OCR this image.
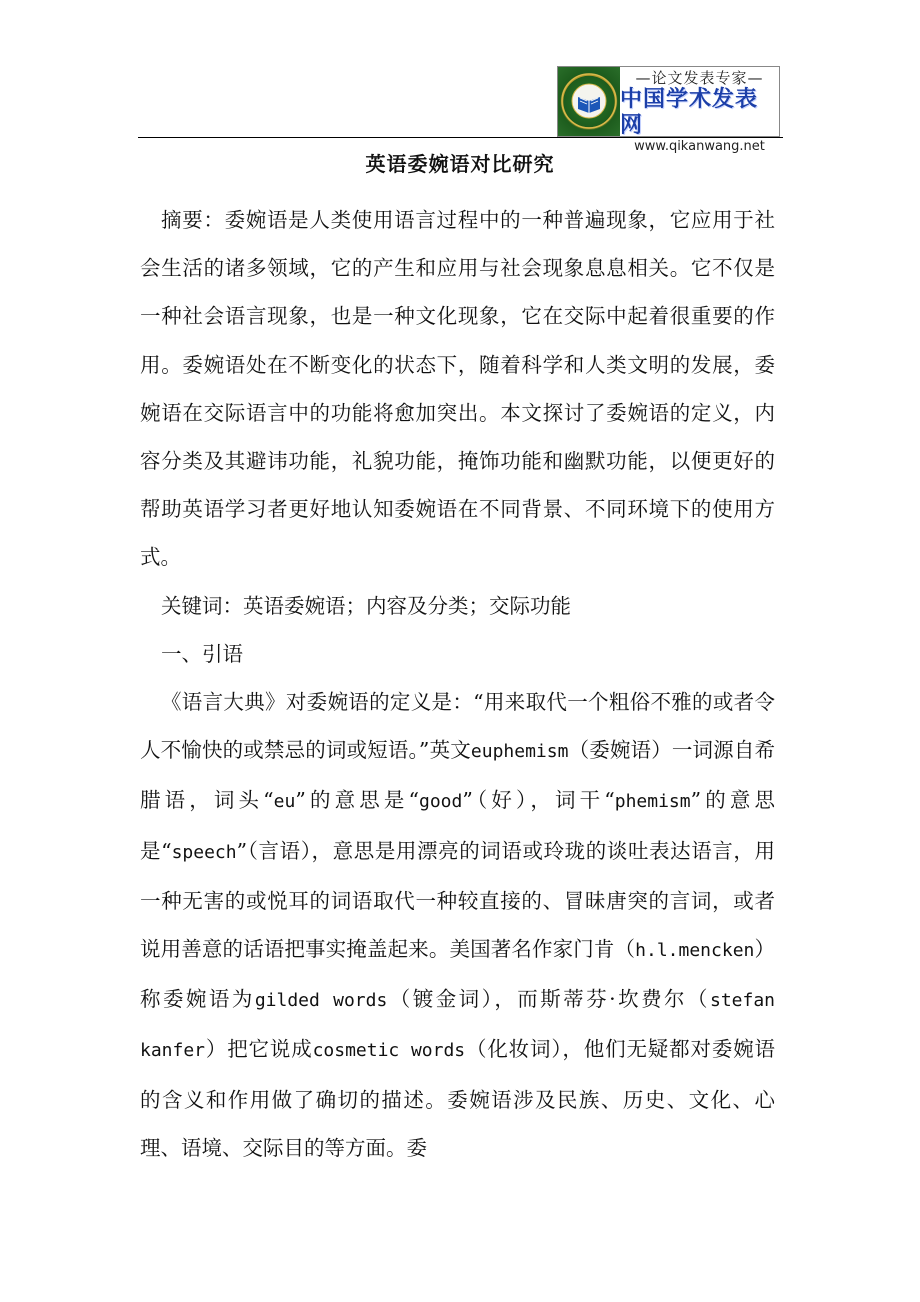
—论文发表专家—
中国学术发表网
www.qikanwang.net
英语委婉语对比研究

摘要：委婉语是人类使用语言过程中的一种普遍现象，它应用于社会生活的诸多领域，它的产生和应用与社会现象息息相关。它不仅是一种社会语言现象，也是一种文化现象，它在交际中起着很重要的作用。委婉语处在不断变化的状态下，随着科学和人类文明的发展，委婉语在交际语言中的功能将愈加突出。本文探讨了委婉语的定义，内容分类及其避讳功能，礼貌功能，掩饰功能和幽默功能，以便更好的帮助英语学习者更好地认知委婉语在不同背景、不同环境下的使用方式。

关键词：英语委婉语；内容及分类；交际功能

一、引语

《语言大典》对委婉语的定义是：“用来取代一个粗俗不雅的或者令人不愉快的或禁忌的词或短语。”英文euphemism（委婉语）一词源自希腊语，词头“eu”的意思是“good”（好），词干“phemism”的意思是“speech”（言语），意思是用漂亮的词语或玲珑的谈吐表达语言，用一种无害的或悦耳的词语取代一种较直接的、冒昧唐突的言词，或者说用善意的话语把事实掩盖起来。美国著名作家门肯（h.l.mencken）称委婉语为gilded words（镀金词），而斯蒂芬·坎费尔（stefan kanfer）把它说成cosmetic words（化妆词），他们无疑都对委婉语的含义和作用做了确切的描述。委婉语涉及民族、历史、文化、心理、语境、交际目的等方面。委
